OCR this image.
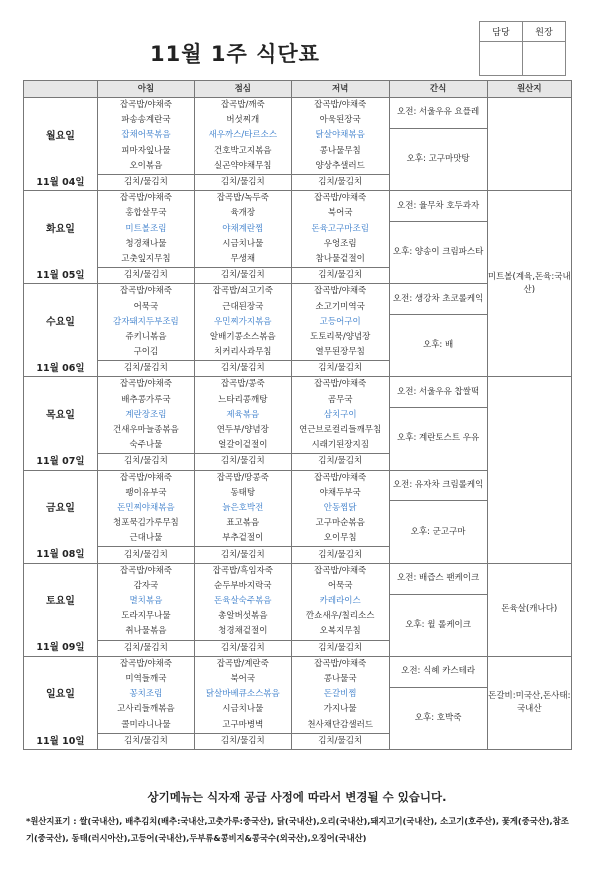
11월 1주 식단표
담당	원장

	아침	점심	저녁	간식	원산지
월요일	잡곡밥/야채죽	잡곡밥/깨죽	잡곡밥/야채죽	오전: 서울우유 요플레	
	파송송계란국	버섯찌개	아욱된장국		
	잡채어묵볶음	새우까스/타르소스	닭살야채볶음	오후: 고구마맛탕	
	피마자잎나물	건호박고지볶음	콩나물무침		
	오이볶음	실곤약야채무침	양상추샐러드		
11월 04일	김치/물김치	김치/물김치	김치/물김치		
화요일	잡곡밥/야채죽	잡곡밥/녹두죽	잡곡밥/야채죽	오전: 율무차 호두과자	미트볼(계육,돈육:국내산)
	홍합살무국	육개장	북어국		
	미트볼조림	야채계란찜	돈육고구마조림	오후: 양송이 크림파스타	
	청경채나물	시금치나물	우엉조림		
	고춧잎지무침	무생채	참나물겉절이		
11월 05일	김치/물김치	김치/물김치	김치/물김치		
수요일	잡곡밥/야채죽	잡곡밥/쇠고기죽	잡곡밥/야채죽	오전: 생강차 초코롤케익	
	어묵국	근대된장국	소고기미역국		
	감자돼지두부조림	우민찌가지볶음	고등어구이	오후: 배	
	쥬키니볶음	알배기콩소스볶음	도토리묵/양념장		
	구이김	치커리사과무침	열무된장무침		
11월 06일	김치/물김치	김치/물김치	김치/물김치		
목요일	잡곡밥/야채죽	잡곡밥/콩죽	잡곡밥/야채죽	오전: 서울우유 찹쌀떡	
	배추콩가루국	느타리콩깨탕	곰무국		
	계란장조림	제육볶음	삼치구이	오후: 계란토스트 우유	
	건새우마늘종볶음	연두부/양념장	연근브로컬리들깨무침		
	숙주나물	얼갈이겉절이	시래기된장지짐		
11월 07일	김치/물김치	김치/물김치	김치/물김치		
금요일	잡곡밥/야채죽	잡곡밥/땅콩죽	잡곡밥/야채죽	오전: 유자차 크림롤케익	
	팽이유부국	동태탕	야채두부국		
	돈민찌야채볶음	늙은호박전	안동찜닭	오후: 군고구마	
	청포묵김가루무침	표고볶음	고구마순볶음		
	근대나물	부추겉절이	오이무침		
11월 08일	김치/물김치	김치/물김치	김치/물김치		
토요일	잡곡밥/야채죽	잡곡밥/흑임자죽	잡곡밥/야채죽	오전: 배즙스 팬케이크	돈육살(캐나다)
	감자국	순두부바지락국	어묵국		
	멸치볶음	돈육살숙주볶음	카레라이스	오후: 윌 롤케이크	
	도라지무나물	총알버섯볶음	깐쇼새우/칠리소스		
	취나물볶음	청경채겉절이	오복지무침		
11월 09일	김치/물김치	김치/물김치	김치/물김치		
일요일	잡곡밥/야채죽	잡곡밥/계란죽	잡곡밥/야채죽	오전: 식혜 카스테라	돈갈비:미국산,돈사태:국내산
	미역들깨국	북어국	콩나물국		
	꽁치조림	닭살바베큐소스볶음	돈갈비찜	오후: 호박죽	
	고사리들깨볶음	시금치나물	가지나물		
	콜미라니나물	고구마병벽	천사채단감샐러드		
11월 10일	김치/물김치	김치/물김치	김치/물김치		
상기메뉴는 식자재 공급 사정에 따라서 변경될 수 있습니다.
*원산지표기 : 쌀(국내산), 배추김치(배추:국내산,고춧가루:중국산), 닭(국내산),오리(국내산),돼지고기(국내산), 소고기(호주산), 꽃게(중국산),참조기(중국산), 동태(러시아산),고등어(국내산),두부류&콩비지&콩국수(외국산),오징어(국내산)
